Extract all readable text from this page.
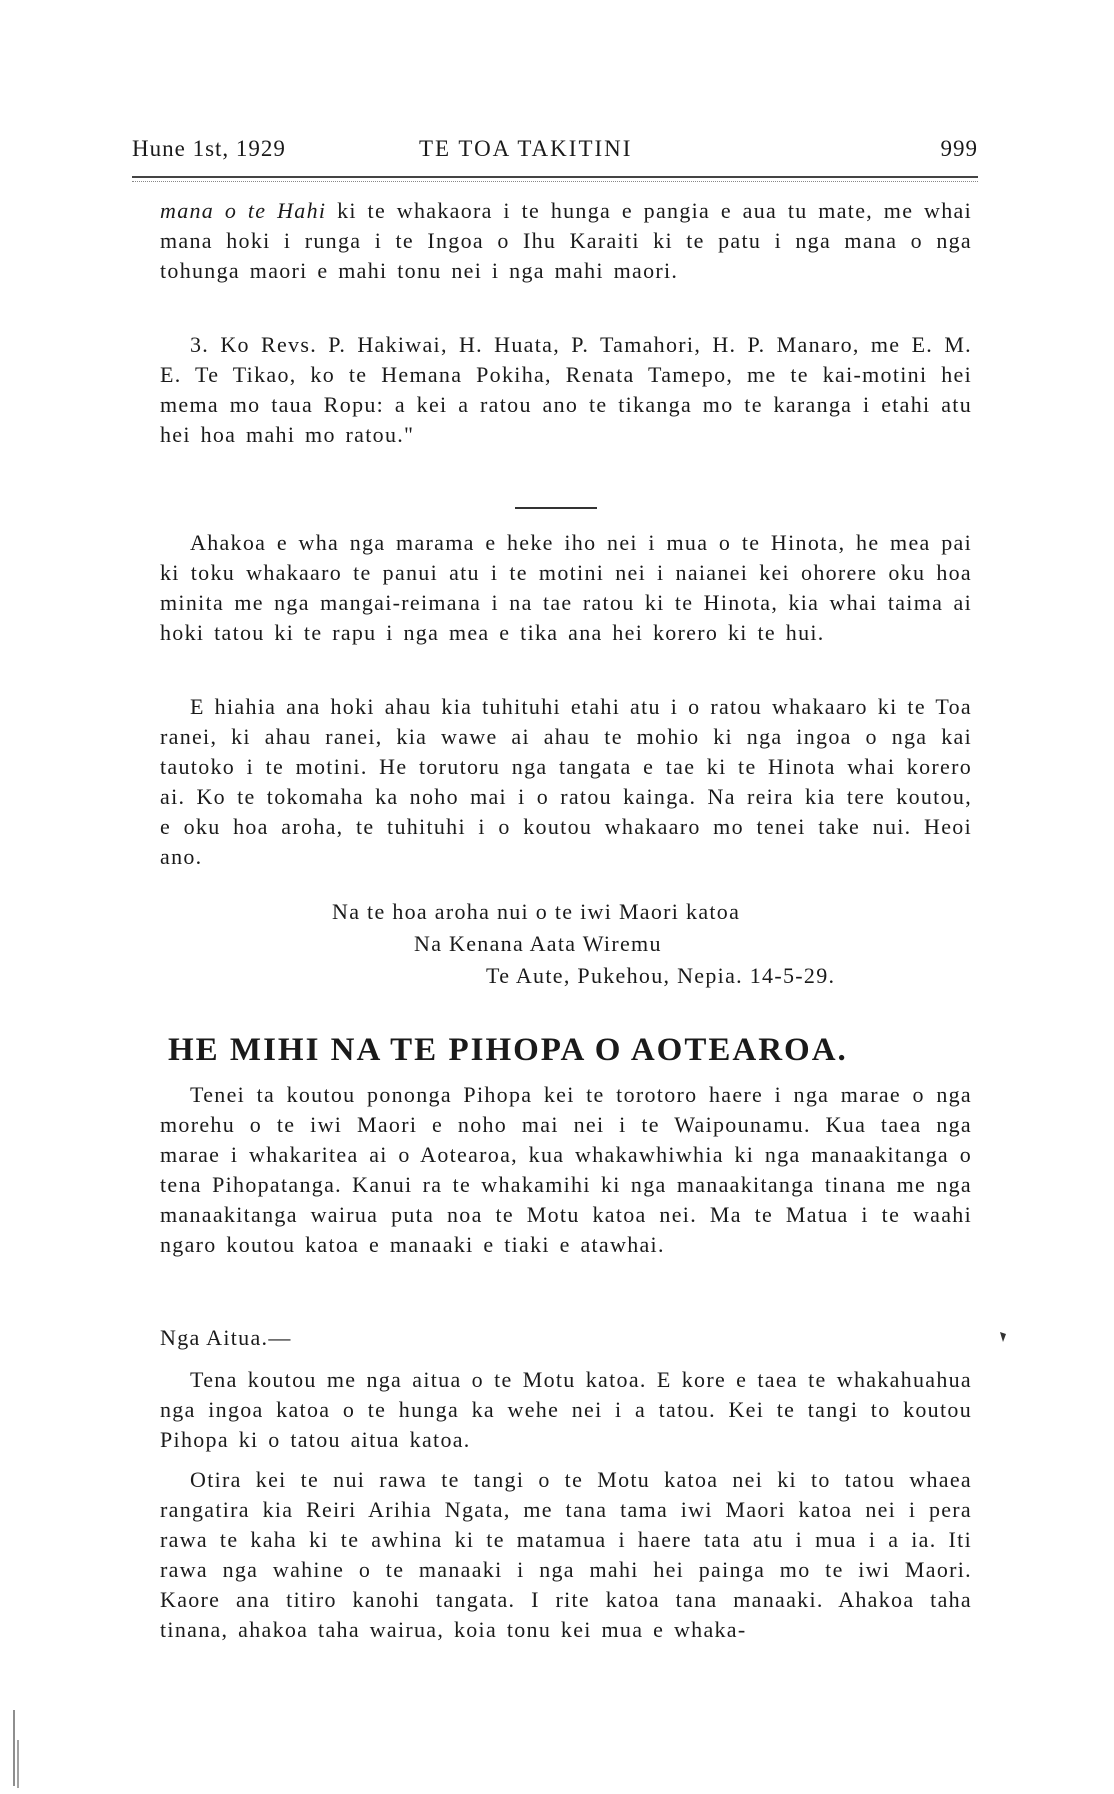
Hune 1st, 1929	TE TOA TAKITINI	999

mana o te Hahi ki te whakaora i te hunga e pangia e aua tu mate, me whai mana hoki i runga i te Ingoa o Ihu Karaiti ki te patu i nga mana o nga tohunga maori e mahi tonu nei i nga mahi maori.

3. Ko Revs. P. Hakiwai, H. Huata, P. Tamahori, H. P. Manaro, me E. M. E. Te Tikao, ko te Hemana Pokiha, Renata Tamepo, me te kai-motini hei mema mo taua Ropu: a kei a ratou ano te tikanga mo te karanga i etahi atu hei hoa mahi mo ratou."

Ahakoa e wha nga marama e heke iho nei i mua o te Hinota, he mea pai ki toku whakaaro te panui atu i te motini nei i naianei kei ohorere oku hoa minita me nga mangai-reimana i na tae ratou ki te Hinota, kia whai taima ai hoki tatou ki te rapu i nga mea e tika ana hei korero ki te hui.

E hiahia ana hoki ahau kia tuhituhi etahi atu i o ratou whakaaro ki te Toa ranei, ki ahau ranei, kia wawe ai ahau te mohio ki nga ingoa o nga kai tautoko i te motini. He torutoru nga tangata e tae ki te Hinota whai korero ai. Ko te tokomaha ka noho mai i o ratou kainga. Na reira kia tere koutou, e oku hoa aroha, te tuhituhi i o koutou whakaaro mo tenei take nui. Heoi ano.

Na te hoa aroha nui o te iwi Maori katoa
Na Kenana Aata Wiremu
Te Aute, Pukehou, Nepia. 14-5-29.
HE MIHI NA TE PIHOPA O AOTEAROA.

Tenei ta koutou pononga Pihopa kei te torotoro haere i nga marae o nga morehu o te iwi Maori e noho mai nei i te Waipounamu. Kua taea nga marae i whakaritea ai o Aotearoa, kua whakawhiwhia ki nga manaakitanga o tena Pihopatanga. Kanui ra te whakamihi ki nga manaakitanga tinana me nga manaakitanga wairua puta noa te Motu katoa nei. Ma te Matua i te waahi ngaro koutou katoa e manaaki e tiaki e atawhai.

Nga Aitua.—

Tena koutou me nga aitua o te Motu katoa. E kore e taea te whakahuahua nga ingoa katoa o te hunga ka wehe nei i a tatou. Kei te tangi to koutou Pihopa ki o tatou aitua katoa.

Otira kei te nui rawa te tangi o te Motu katoa nei ki to tatou whaea rangatira kia Reiri Arihia Ngata, me tana tama iwi Maori katoa nei i pera rawa te kaha ki te awhina ki te matamua i haere tata atu i mua i a ia. Iti rawa nga wahine o te manaaki i nga mahi hei painga mo te iwi Maori. Kaore ana titiro kanohi tangata. I rite katoa tana manaaki. Ahakoa taha tinana, ahakoa taha wairua, koia tonu kei mua e whaka-
